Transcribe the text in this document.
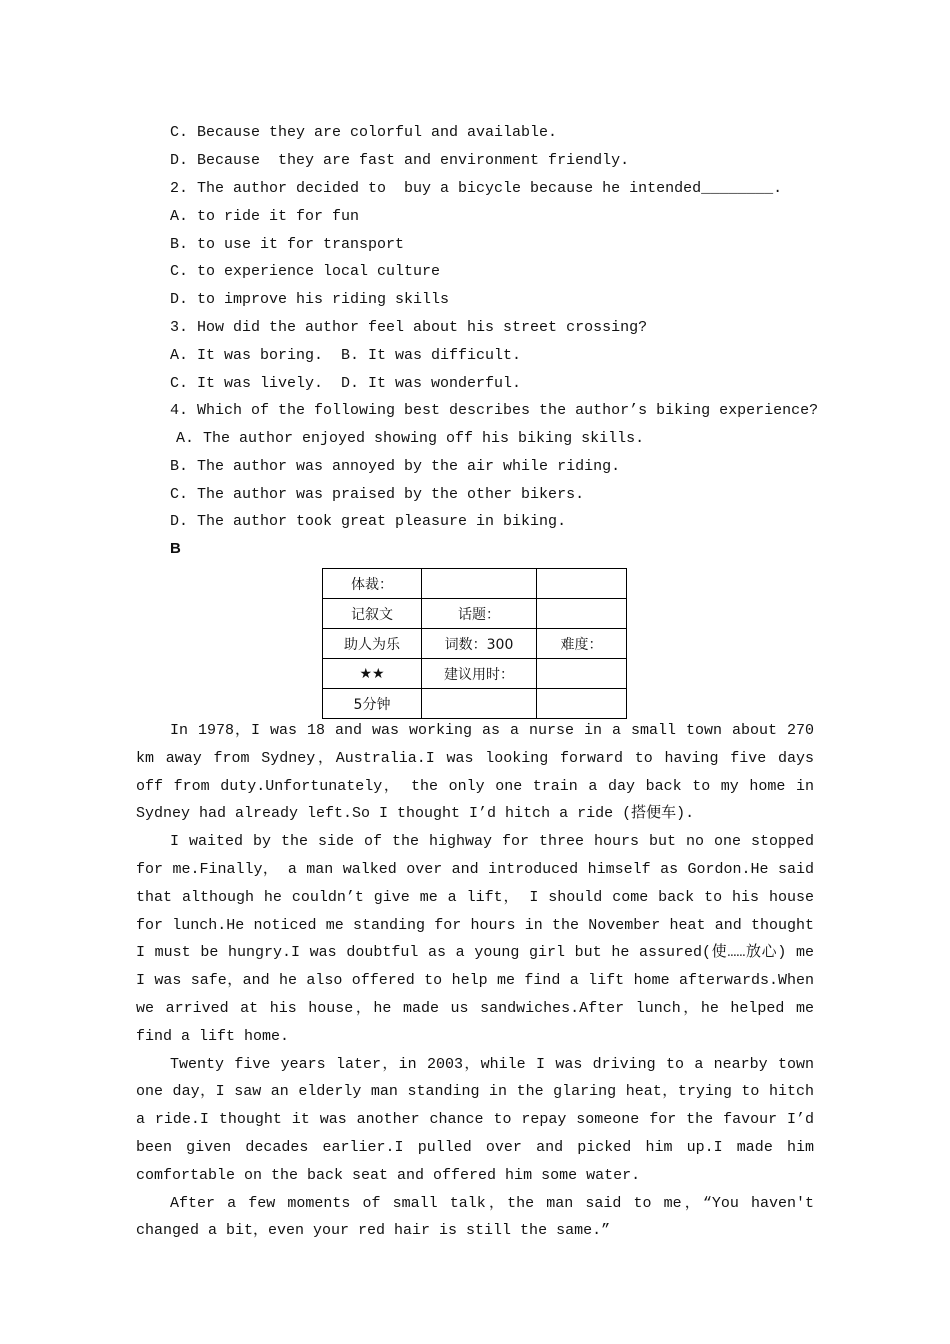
C. Because they are colorful and available.
D. Because  they are fast and environment friendly.
2. The author decided to  buy a bicycle because he intended________.
A. to ride it for fun
B. to use it for transport
C. to experience local culture
D. to improve his riding skills
3. How did the author feel about his street crossing?
A. It was boring.  B. It was difficult.
C. It was lively.  D. It was wonderful.
4. Which of the following best describes the author’s biking experience?
A. The author enjoyed showing off his biking skills.
B. The author was annoyed by the air while riding.
C. The author was praised by the other bikers.
D. The author took great pleasure in biking.
B
体裁：		
记叙文	话题：	
助人为乐	词数：300	难度：
★★	建议用时：	
5分钟		

In 1978，I was 18 and was working as a nurse in a small town about 270 km away from Sydney，Australia.I was looking forward to having five days off from duty.Unfortunately， the only one train a day back to my home in Sydney had already left.So I thought I’d hitch a ride (搭便车).

I waited by the side of the highway for three hours but no one stopped for me.Finally， a man walked over and introduced himself as Gordon.He said that although he couldn’t give me a lift， I should come back to his house for lunch.He noticed me standing for hours in the November heat and thought I must be hungry.I was doubtful as a young girl but he assured(使……放心) me I was safe，and he also offered to help me find a lift home afterwards.When we arrived at his house，he made us sandwiches.After lunch，he helped me find a lift home.

Twenty five years later，in 2003，while I was driving to a nearby town one day，I saw an elderly man standing in the glaring heat，trying to hitch a ride.I thought it was another chance to repay someone for the favour I’d been given decades earlier.I pulled over and picked him up.I made him comfortable on the back seat and offered him some water.

After a few moments of small talk，the man said to me，“You haven't changed a bit，even your red hair is still the same.”
